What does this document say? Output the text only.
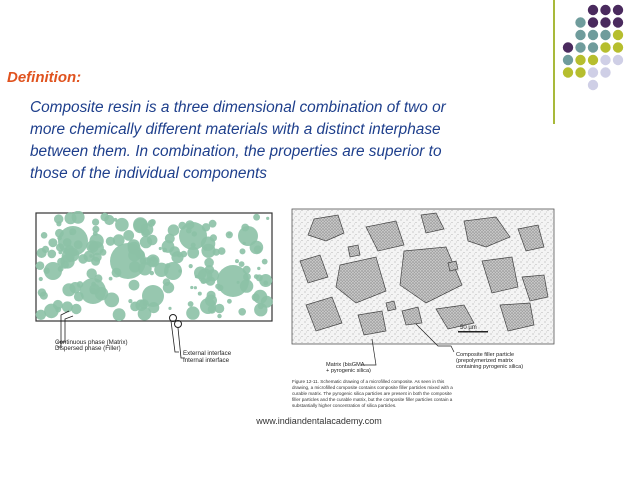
Definition:
Composite resin is a three dimensional combination of two or
more chemically different materials with a distinct interphase
between them. In combination, the properties are superior to
those of the individual components
Continuous phase (Matrix)
Dispersed phase (Filler)
External interface
Internal interface
50 µm
Matrix (bisGMA
+ pyrogenic silica)
Composite filler particle
(prepolymerized matrix
containing pyrogenic silica)
Figure 12-11. Schematic drawing of a microfilled composite. As seen in this
drawing, a microfilled composite contains composite filler particles mixed with a
curable matrix. The pyrogenic silica particles are present in both the composite
filler particles and the curable matrix, but the composite filler particles contain a
substantially higher concentration of silica particles.
www.indiandentalacademy.com
